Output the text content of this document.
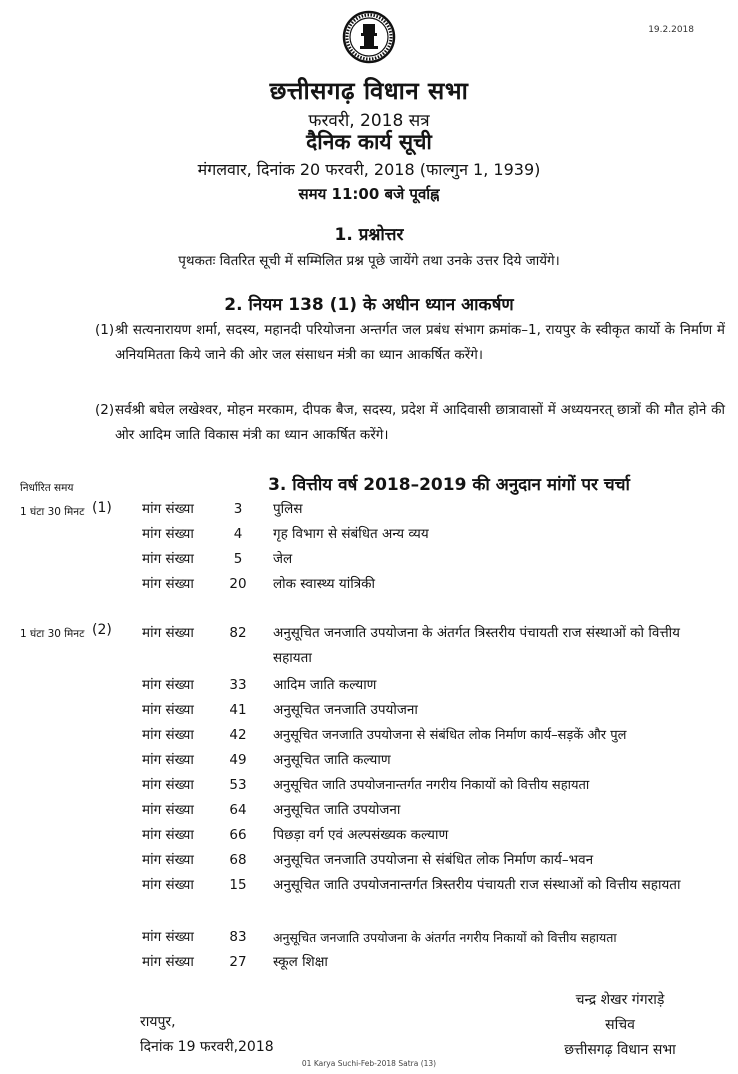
19.2.2018
छत्तीसगढ़ विधान सभा
फरवरी, 2018 सत्र
दैनिक कार्य सूची
मंगलवार, दिनांक 20 फरवरी, 2018 (फाल्गुन 1, 1939)
समय 11:00 बजे पूर्वाह्न
1. प्रश्नोत्तर
पृथकतः वितरित सूची में सम्मिलित प्रश्न पूछे जायेंगे तथा उनके उत्तर दिये जायेंगे।
2. नियम 138 (1) के अधीन ध्यान आकर्षण
(1) श्री सत्यनारायण शर्मा, सदस्य, महानदी परियोजना अन्तर्गत जल प्रबंध संभाग क्रमांक–1, रायपुर के स्वीकृत कार्यो के निर्माण में अनियमितता किये जाने की ओर जल संसाधन मंत्री का ध्यान आकर्षित करेंगे।
(2) सर्वश्री बघेल लखेश्वर, मोहन मरकाम, दीपक बैज, सदस्य, प्रदेश में आदिवासी छात्रावासों में अध्ययनरत् छात्रों की मौत होने की ओर आदिम जाति विकास मंत्री का ध्यान आकर्षित करेंगे।
निर्धारित समय	3. वित्तीय वर्ष 2018–2019 की अनुदान मांगों पर चर्चा
1 घंटा 30 मिनट (1) मांग संख्या	3	पुलिस
मांग संख्या	4	गृह विभाग से संबंधित अन्य व्यय
मांग संख्या	5	जेल
मांग संख्या	20 लोक स्वास्थ्य यांत्रिकी
1 घंटा 30 मिनट (2) मांग संख्या	82 अनुसूचित जनजाति उपयोजना के अंतर्गत त्रिस्तरीय पंचायती राज संस्थाओं को वित्तीय सहायता
मांग संख्या	33 आदिम जाति कल्याण
मांग संख्या	41 अनुसूचित जनजाति उपयोजना
मांग संख्या	42 अनुसूचित जनजाति उपयोजना से संबंधित लोक निर्माण कार्य–सड़कें और पुल
मांग संख्या	49 अनुसूचित जाति कल्याण
मांग संख्या	53 अनुसूचित जाति उपयोजनान्तर्गत नगरीय निकायों को वित्तीय सहायता
मांग संख्या	64 अनुसूचित जाति उपयोजना
मांग संख्या	66 पिछड़ा वर्ग एवं अल्पसंख्यक कल्याण
मांग संख्या	68 अनुसूचित जनजाति उपयोजना से संबंधित लोक निर्माण कार्य–भवन
मांग संख्या	15 अनुसूचित जाति उपयोजनान्तर्गत त्रिस्तरीय पंचायती राज संस्थाओं को वित्तीय सहायता
मांग संख्या	83 अनुसूचित जनजाति उपयोजना के अंतर्गत नगरीय निकायों को वित्तीय सहायता
मांग संख्या	27 स्कूल शिक्षा
चन्द्र शेखर गंगराड़े
सचिव
छत्तीसगढ़ विधान सभा
रायपुर,
दिनांक 19 फरवरी,2018
01 Karya Suchi-Feb-2018 Satra (13)
